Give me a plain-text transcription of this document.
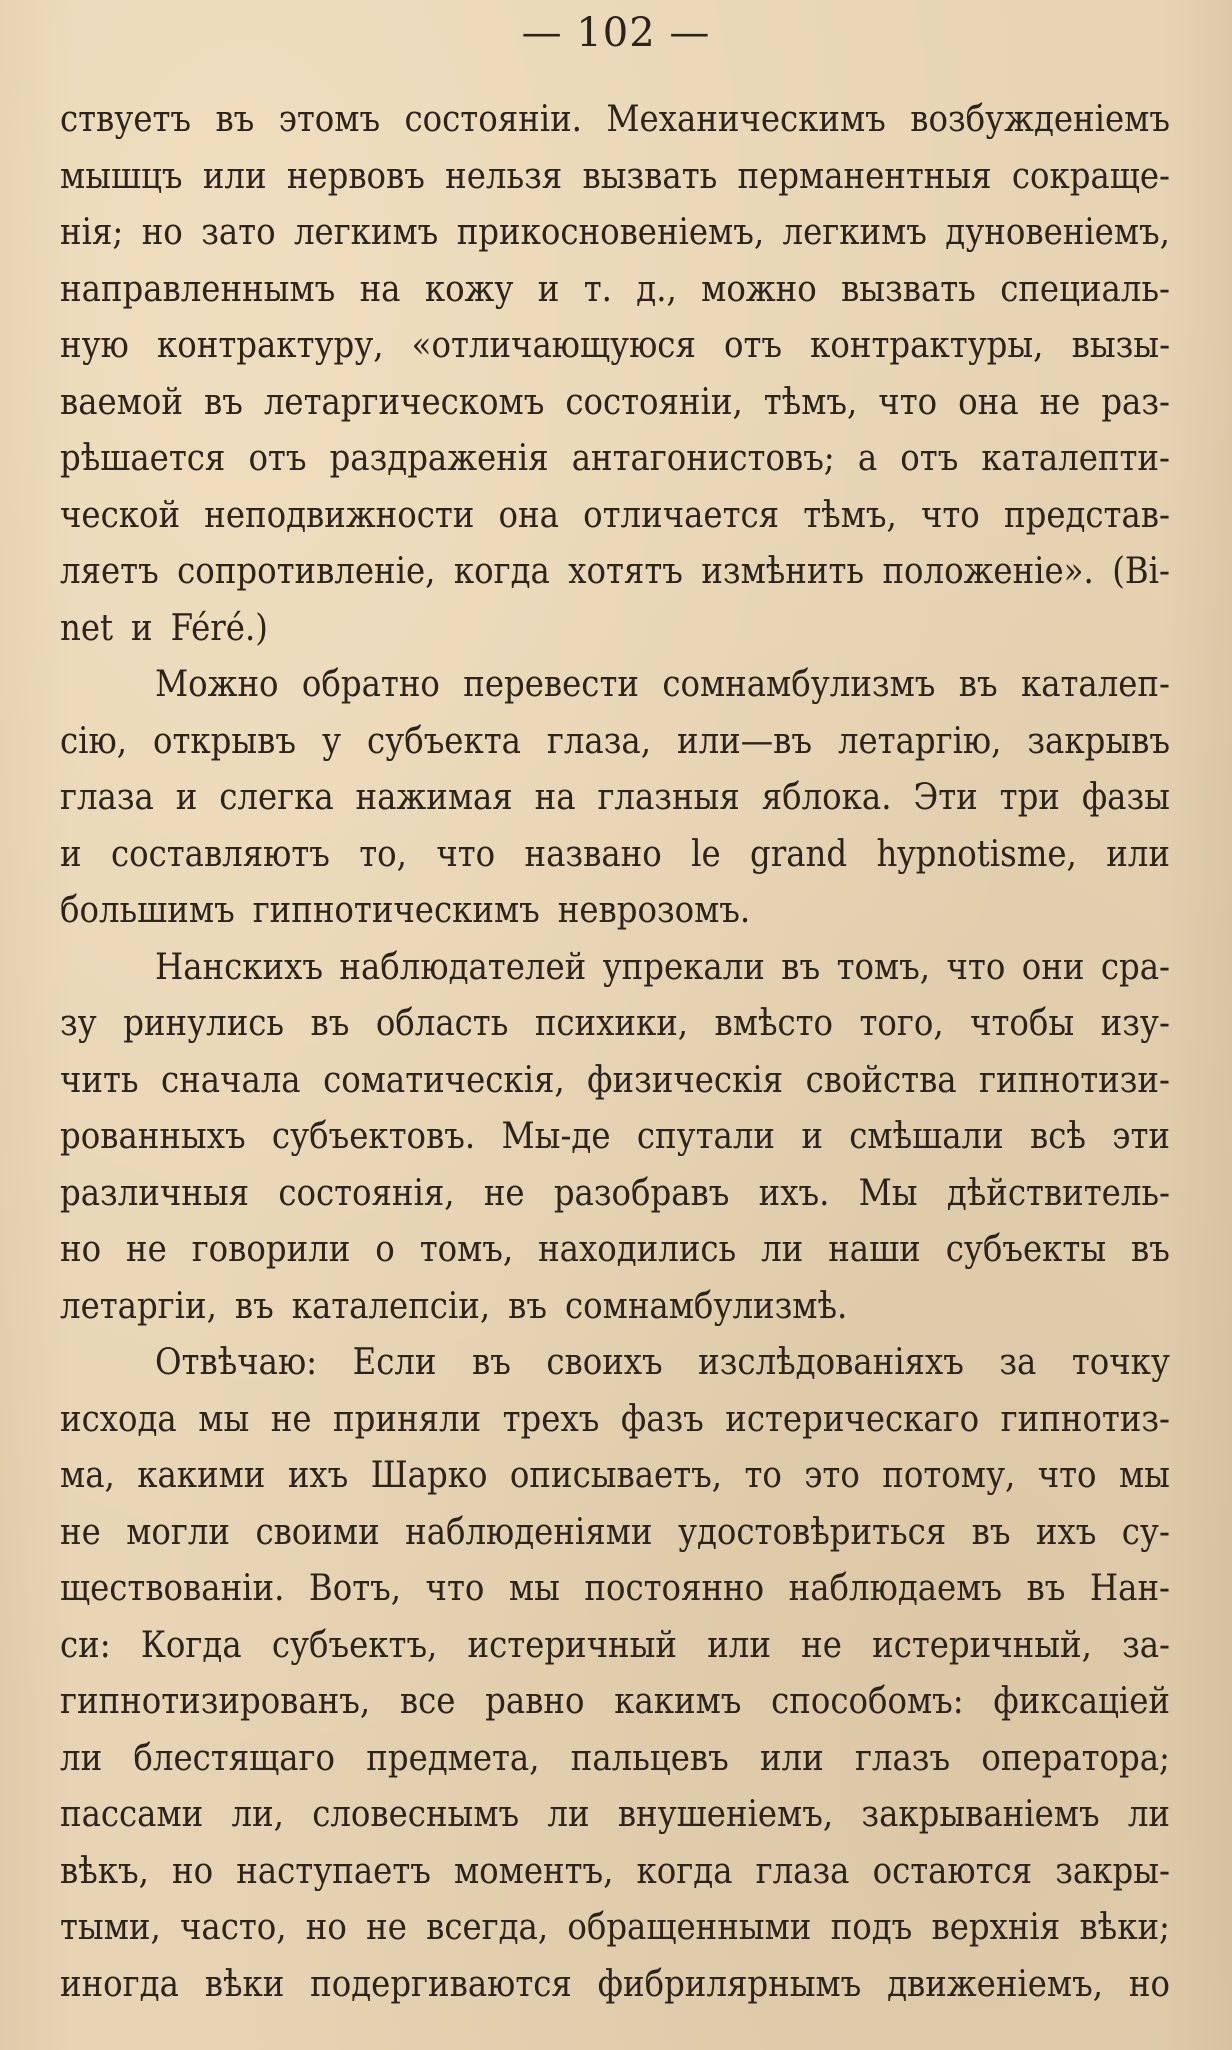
— 102 —
ствуетъ въ этомъ состояніи. Механическимъ возбужденіемъ
мышцъ или нервовъ нельзя вызвать перманентныя сокраще-
нія; но зато легкимъ прикосновеніемъ, легкимъ дуновеніемъ,
направленнымъ на кожу и т. д., можно вызвать специаль-
ную контрактуру, «отличающуюся отъ контрактуры, вызы-
ваемой въ летаргическомъ состояніи, тѣмъ, что она не раз-
рѣшается отъ раздраженія антагонистовъ; а отъ каталепти-
ческой неподвижности она отличается тѣмъ, что представ-
ляетъ сопротивленіе, когда хотятъ измѣнить положеніе». (Bi-
net и Féré.)
Можно обратно перевести сомнамбулизмъ въ каталеп-
сію, открывъ у субъекта глаза, или—въ летаргію, закрывъ
глаза и слегка нажимая на глазныя яблока. Эти три фазы
и составляютъ то, что названо le grand hypnotisme, или
большимъ гипнотическимъ неврозомъ.
Нанскихъ наблюдателей упрекали въ томъ, что они сра-
зу ринулись въ область психики, вмѣсто того, чтобы изу-
чить сначала соматическія, физическія свойства гипнотизи-
рованныхъ субъектовъ. Мы-де спутали и смѣшали всѣ эти
различныя состоянія, не разобравъ ихъ. Мы дѣйствитель-
но не говорили о томъ, находились ли наши субъекты въ
летаргіи, въ каталепсіи, въ сомнамбулизмѣ.
Отвѣчаю: Если въ своихъ изслѣдованіяхъ за точку
исхода мы не приняли трехъ фазъ истерическаго гипнотиз-
ма, какими ихъ Шарко описываетъ, то это потому, что мы
не могли своими наблюденіями удостовѣриться въ ихъ су-
ществованіи. Вотъ, что мы постоянно наблюдаемъ въ Нан-
си: Когда субъектъ, истеричный или не истеричный, за-
гипнотизированъ, все равно какимъ способомъ: фиксаціей
ли блестящаго предмета, пальцевъ или глазъ оператора;
пассами ли, словеснымъ ли внушеніемъ, закрываніемъ ли
вѣкъ, но наступаетъ моментъ, когда глаза остаются закры-
тыми, часто, но не всегда, обращенными подъ верхнія вѣки;
иногда вѣки подергиваются фибрилярнымъ движеніемъ, но
